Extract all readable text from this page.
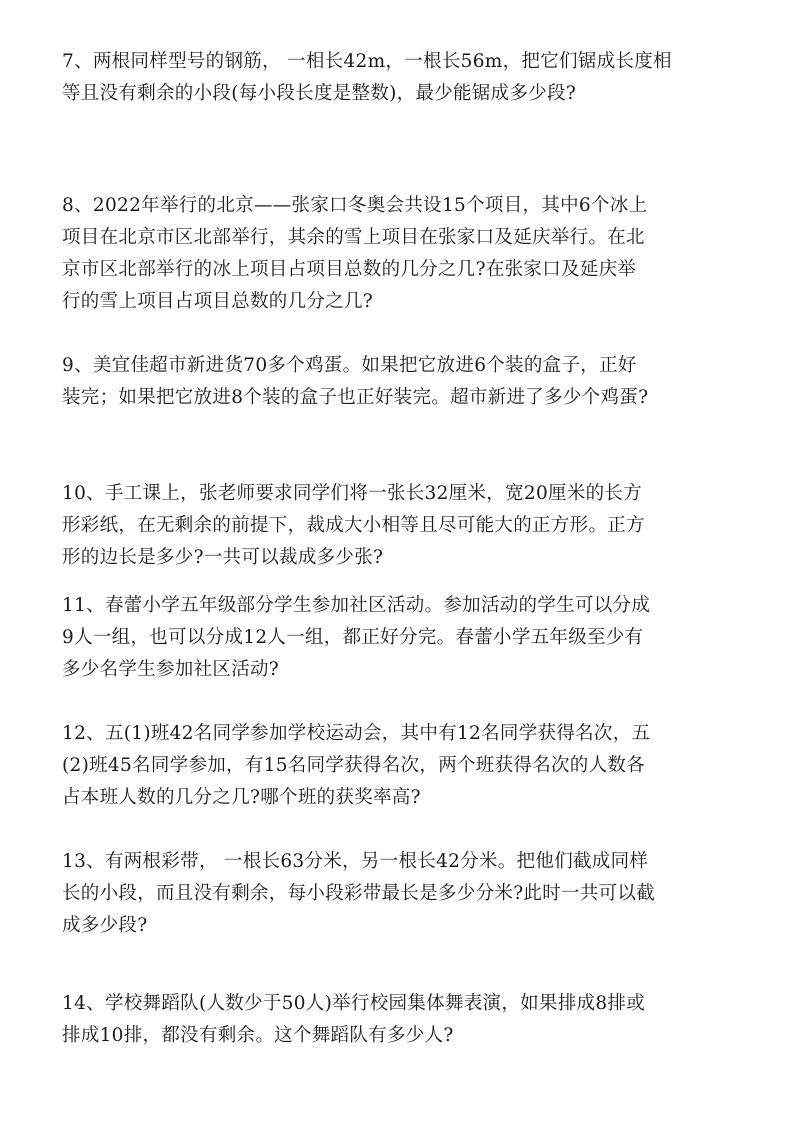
7、两根同样型号的钢筋， 一相长42m，一根长56m，把它们锯成长度相
等且没有剩余的小段(每小段长度是整数)，最少能锯成多少段?
8、2022年举行的北京——张家口冬奥会共设15个项目，其中6个冰上
项目在北京市区北部举行，其余的雪上项目在张家口及延庆举行。在北
京市区北部举行的冰上项目占项目总数的几分之几?在张家口及延庆举
行的雪上项目占项目总数的几分之几?
9、美宜佳超市新进货70多个鸡蛋。如果把它放进6个装的盒子，正好
装完；如果把它放进8个装的盒子也正好装完。超市新进了多少个鸡蛋?
10、手工课上，张老师要求同学们将一张长32厘米，宽20厘米的长方
形彩纸，在无剩余的前提下，裁成大小相等且尽可能大的正方形。正方
形的边长是多少?一共可以裁成多少张?
11、春蕾小学五年级部分学生参加社区活动。参加活动的学生可以分成
9人一组，也可以分成12人一组，都正好分完。春蕾小学五年级至少有
多少名学生参加社区活动?
12、五(1)班42名同学参加学校运动会，其中有12名同学获得名次，五
(2)班45名同学参加，有15名同学获得名次，两个班获得名次的人数各
占本班人数的几分之几?哪个班的获奖率高?
13、有两根彩带， 一根长63分米，另一根长42分米。把他们截成同样
长的小段，而且没有剩余，每小段彩带最长是多少分米?此时一共可以截
成多少段?
14、学校舞蹈队(人数少于50人)举行校园集体舞表演，如果排成8排或
排成10排，都没有剩余。这个舞蹈队有多少人?
